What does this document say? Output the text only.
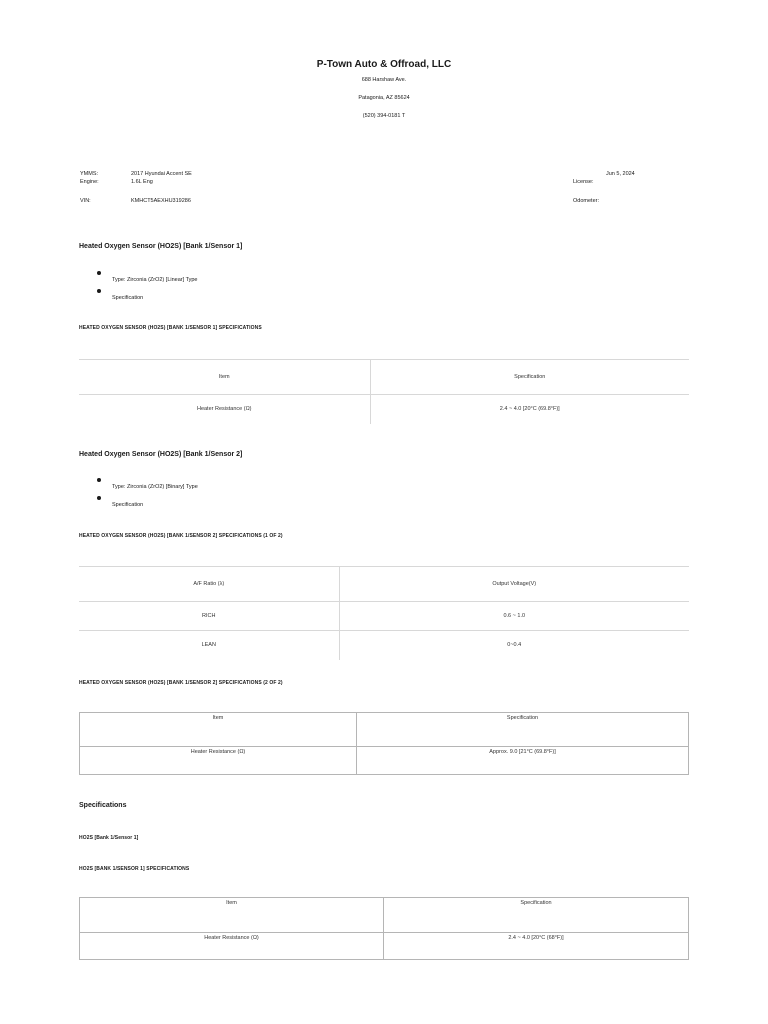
P-Town Auto & Offroad, LLC
688 Harshaw Ave.
Patagonia, AZ 85624
(520) 394-0181 T
YMMS:	2017 Hyundai Accent SE
Engine:	1.6L Eng
VIN:	KMHCT5AEXHU319286
Jun 5, 2024
License:
Odometer:
Heated Oxygen Sensor (HO2S) [Bank 1/Sensor 1]
Type: Zirconia (ZrO2) [Linear] Type
Specification
HEATED OXYGEN SENSOR (HO2S) [BANK 1/SENSOR 1] SPECIFICATIONS
Item	Specification
Heater Resistance (Ω)	2.4 ~ 4.0 [20°C (69.8°F)]
Heated Oxygen Sensor (HO2S) [Bank 1/Sensor 2]
Type: Zirconia (ZrO2) [Binary] Type
Specification
HEATED OXYGEN SENSOR (HO2S) [BANK 1/SENSOR 2] SPECIFICATIONS (1 OF 2)
A/F Ratio (λ)	Output Voltage(V)
RICH	0.6 ~ 1.0
LEAN	0~0.4
HEATED OXYGEN SENSOR (HO2S) [BANK 1/SENSOR 2] SPECIFICATIONS (2 OF 2)
Item	Specification
Heater Resistance (Ω)	Approx. 9.0 [21°C (69.8°F)]
Specifications
HO2S [Bank 1/Sensor 1]
HO2S [BANK 1/SENSOR 1] SPECIFICATIONS
Item	Specification
Heater Resistance (Ω)	2.4 ~ 4.0 [20°C (68°F)]
